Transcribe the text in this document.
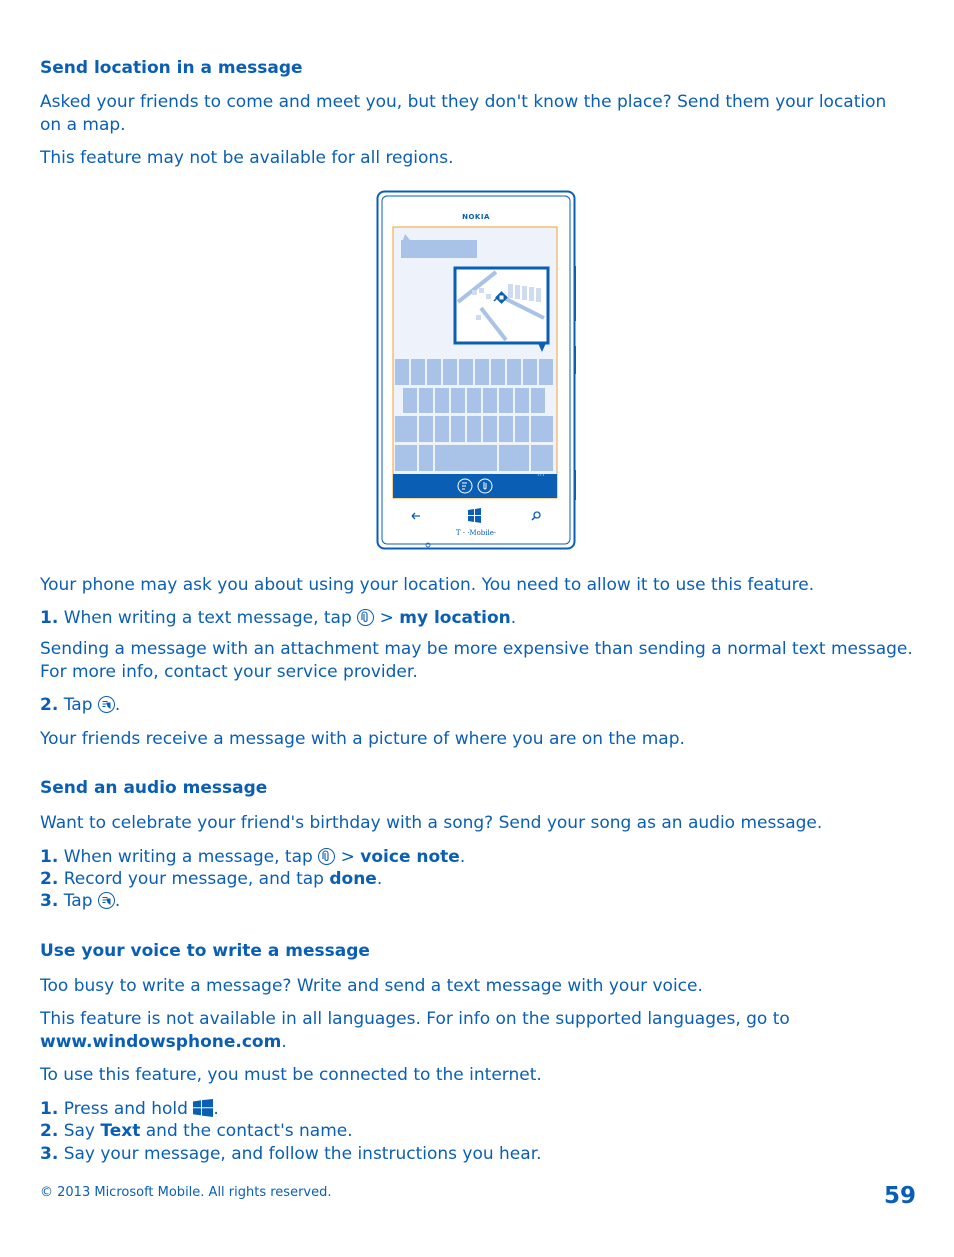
Send location in a message
Asked your friends to come and meet you, but they don't know the place? Send them your location
on a map.
This feature may not be available for all regions.
Your phone may ask you about using your location. You need to allow it to use this feature.
1. When writing a text message, tap > my location.
Sending a message with an attachment may be more expensive than sending a normal text message.
For more info, contact your service provider.
2. Tap .
Your friends receive a message with a picture of where you are on the map.
Send an audio message
Want to celebrate your friend's birthday with a song? Send your song as an audio message.
1. When writing a message, tap > voice note.
2. Record your message, and tap done.
3. Tap .
Use your voice to write a message
Too busy to write a message? Write and send a text message with your voice.
This feature is not available in all languages. For info on the supported languages, go to
www.windowsphone.com.
To use this feature, you must be connected to the internet.
1. Press and hold .
2. Say Text and the contact's name.
3. Say your message, and follow the instructions you hear.
NOKIA
T · ·Mobile·
···
© 2013 Microsoft Mobile. All rights reserved.	59
